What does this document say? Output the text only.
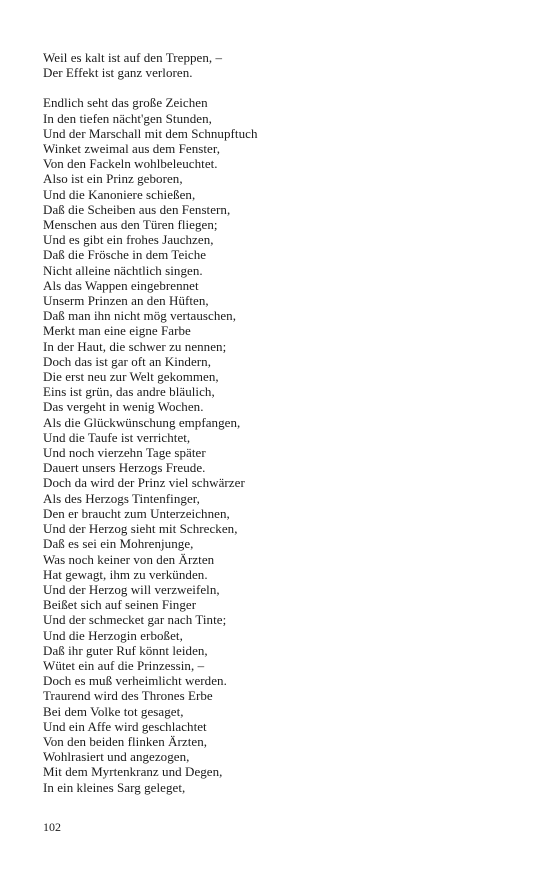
Weil es kalt ist auf den Treppen, –
Der Effekt ist ganz verloren.
Endlich seht das große Zeichen
In den tiefen nächt'gen Stunden,
Und der Marschall mit dem Schnupftuch
Winket zweimal aus dem Fenster,
Von den Fackeln wohlbeleuchtet.
Also ist ein Prinz geboren,
Und die Kanoniere schießen,
Daß die Scheiben aus den Fenstern,
Menschen aus den Türen fliegen;
Und es gibt ein frohes Jauchzen,
Daß die Frösche in dem Teiche
Nicht alleine nächtlich singen.
Als das Wappen eingebrennet
Unserm Prinzen an den Hüften,
Daß man ihn nicht mög vertauschen,
Merkt man eine eigne Farbe
In der Haut, die schwer zu nennen;
Doch das ist gar oft an Kindern,
Die erst neu zur Welt gekommen,
Eins ist grün, das andre bläulich,
Das vergeht in wenig Wochen.
Als die Glückwünschung empfangen,
Und die Taufe ist verrichtet,
Und noch vierzehn Tage später
Dauert unsers Herzogs Freude.
Doch da wird der Prinz viel schwärzer
Als des Herzogs Tintenfinger,
Den er braucht zum Unterzeichnen,
Und der Herzog sieht mit Schrecken,
Daß es sei ein Mohrenjunge,
Was noch keiner von den Ärzten
Hat gewagt, ihm zu verkünden.
Und der Herzog will verzweifeln,
Beißet sich auf seinen Finger
Und der schmecket gar nach Tinte;
Und die Herzogin erboßet,
Daß ihr guter Ruf könnt leiden,
Wütet ein auf die Prinzessin, –
Doch es muß verheimlicht werden.
Traurend wird des Thrones Erbe
Bei dem Volke tot gesaget,
Und ein Affe wird geschlachtet
Von den beiden flinken Ärzten,
Wohlrasiert und angezogen,
Mit dem Myrtenkranz und Degen,
In ein kleines Sarg geleget,
102
